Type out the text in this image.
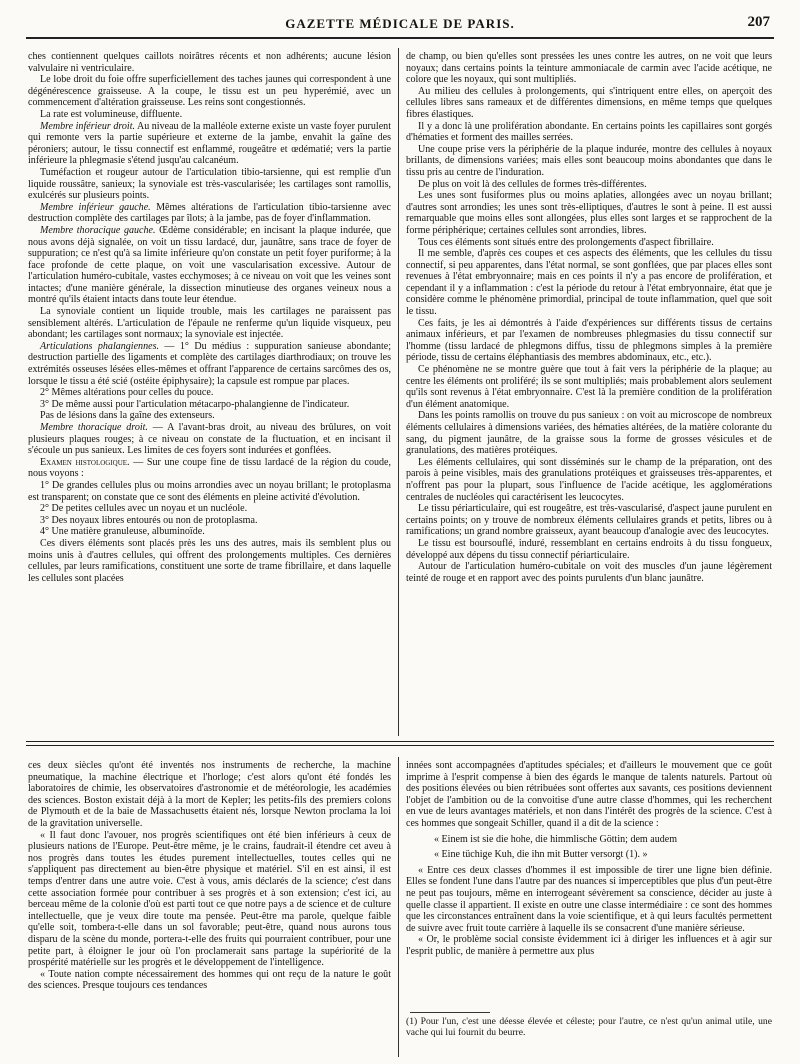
GAZETTE MÉDICALE DE PARIS.	207

ches contiennent quelques caillots noirâtres récents et non adhérents; aucune lésion valvulaire ni ventriculaire.

Le lobe droit du foie offre superficiellement des taches jaunes qui correspondent à une dégénérescence graisseuse. A la coupe, le tissu est un peu hyperémié, avec un commencement d'altération graisseuse. Les reins sont congestionnés.

La rate est volumineuse, diffluente.

Membre inférieur droit. Au niveau de la malléole externe existe un vaste foyer purulent qui remonte vers la partie supérieure et externe de la jambe, envahit la gaîne des péroniers; autour, le tissu connectif est enflammé, rougeâtre et œdématié; vers la partie inférieure la phlegmasie s'étend jusqu'au calcanéum.

Tuméfaction et rougeur autour de l'articulation tibio-tarsienne, qui est remplie d'un liquide roussâtre, sanieux; la synoviale est très-vascularisée; les cartilages sont ramollis, exulcérés sur plusieurs points.

Membre inférieur gauche. Mêmes altérations de l'articulation tibio-tarsienne avec destruction complète des cartilages par îlots; à la jambe, pas de foyer d'inflammation.

Membre thoracique gauche. Œdème considérable; en incisant la plaque indurée, que nous avons déjà signalée, on voit un tissu lardacé, dur, jaunâtre, sans trace de foyer de suppuration; ce n'est qu'à sa limite inférieure qu'on constate un petit foyer puriforme; à la face profonde de cette plaque, on voit une vascularisation excessive. Autour de l'articulation huméro-cubitale, vastes ecchymoses; à ce niveau on voit que les veines sont intactes; d'une manière générale, la dissection minutieuse des organes veineux nous a montré qu'ils étaient intacts dans toute leur étendue.

La synoviale contient un liquide trouble, mais les cartilages ne paraissent pas sensiblement altérés. L'articulation de l'épaule ne renferme qu'un liquide visqueux, peu abondant; les cartilages sont normaux; la synoviale est injectée.

Articulations phalangiennes. — 1° Du médius : suppuration sanieuse abondante; destruction partielle des ligaments et complète des cartilages diarthrodiaux; on trouve les extrémités osseuses lésées elles-mêmes et offrant l'apparence de certains sarcômes des os, lorsque le tissu a été scié (ostéite épiphysaire); la capsule est rompue par places.

2° Mêmes altérations pour celles du pouce.

3° De même aussi pour l'articulation métacarpo-phalangienne de l'indicateur.

Pas de lésions dans la gaîne des extenseurs.

Membre thoracique droit. — A l'avant-bras droit, au niveau des brûlures, on voit plusieurs plaques rouges; à ce niveau on constate de la fluctuation, et en incisant il s'écoule un pus sanieux. Les limites de ces foyers sont indurées et gonflées.

Examen histologique. — Sur une coupe fine de tissu lardacé de la région du coude, nous voyons :

1° De grandes cellules plus ou moins arrondies avec un noyau brillant; le protoplasma est transparent; on constate que ce sont des éléments en pleine activité d'évolution.

2° De petites cellules avec un noyau et un nucléole.

3° Des noyaux libres entourés ou non de protoplasma.

4° Une matière granuleuse, albuminoïde.

Ces divers éléments sont placés près les uns des autres, mais ils semblent plus ou moins unis à d'autres cellules, qui offrent des prolongements multiples. Ces dernières cellules, par leurs ramifications, constituent une sorte de trame fibrillaire, et dans laquelle les cellules sont placées

de champ, ou bien qu'elles sont pressées les unes contre les autres, on ne voit que leurs noyaux; dans certains points la teinture ammoniacale de carmin avec l'acide acétique, ne colore que les noyaux, qui sont multipliés.

Au milieu des cellules à prolongements, qui s'intriquent entre elles, on aperçoit des cellules libres sans rameaux et de différentes dimensions, en même temps que quelques fibres élastiques.

Il y a donc là une prolifération abondante. En certains points les capillaires sont gorgés d'hématies et forment des mailles serrées.

Une coupe prise vers la périphérie de la plaque indurée, montre des cellules à noyaux brillants, de dimensions variées; mais elles sont beaucoup moins abondantes que dans le tissu pris au centre de l'induration.

De plus on voit là des cellules de formes très-différentes.

Les unes sont fusiformes plus ou moins aplaties, allongées avec un noyau brillant; d'autres sont arrondies; les unes sont très-elliptiques, d'autres le sont à peine. Il est aussi remarquable que moins elles sont allongées, plus elles sont larges et se rapprochent de la forme périphérique; certaines cellules sont arrondies, libres.

Tous ces éléments sont situés entre des prolongements d'aspect fibrillaire.

Il me semble, d'après ces coupes et ces aspects des éléments, que les cellules du tissu connectif, si peu apparentes, dans l'état normal, se sont gonflées, que par places elles sont revenues à l'état embryonnaire; mais en ces points il n'y a pas encore de prolifération, et cependant il y a inflammation : c'est la période du retour à l'état embryonnaire, état que je considère comme le phénomène primordial, principal de toute inflammation, quel que soit le tissu.

Ces faits, je les ai démontrés à l'aide d'expériences sur différents tissus de certains animaux inférieurs, et par l'examen de nombreuses phlegmasies du tissu connectif sur l'homme (tissu lardacé de phlegmons diffus, tissu de phlegmons simples à la première période, tissu de certains éléphantiasis des membres abdominaux, etc., etc.).

Ce phénomène ne se montre guère que tout à fait vers la périphérie de la plaque; au centre les éléments ont proliféré; ils se sont multipliés; mais probablement alors seulement qu'ils sont revenus à l'état embryonnaire. C'est là la première condition de la prolifération d'un élément anatomique.

Dans les points ramollis on trouve du pus sanieux : on voit au microscope de nombreux éléments cellulaires à dimensions variées, des hématies altérées, de la matière colorante du sang, du pigment jaunâtre, de la graisse sous la forme de grosses vésicules et de granulations, des matières protéiques.

Les éléments cellulaires, qui sont disséminés sur le champ de la préparation, ont des parois à peine visibles, mais des granulations protéiques et graisseuses très-apparentes, et n'offrent pas pour la plupart, sous l'influence de l'acide acétique, les agglomérations centrales de nucléoles qui caractérisent les leucocytes.

Le tissu périarticulaire, qui est rougeâtre, est très-vascularisé, d'aspect jaune purulent en certains points; on y trouve de nombreux éléments cellulaires grands et petits, libres ou à ramifications; un grand nombre graisseux, ayant beaucoup d'analogie avec des leucocytes.

Le tissu est boursouflé, induré, ressemblant en certains endroits à du tissu fongueux, développé aux dépens du tissu connectif périarticulaire.

Autour de l'articulation huméro-cubitale on voit des muscles d'un jaune légèrement teinté de rouge et en rapport avec des points purulents d'un blanc jaunâtre.

ces deux siècles qu'ont été inventés nos instruments de recherche, la machine pneumatique, la machine électrique et l'horloge; c'est alors qu'ont été fondés les laboratoires de chimie, les observatoires d'astronomie et de météorologie, les académies des sciences. Boston existait déjà à la mort de Kepler; les petits-fils des premiers colons de Plymouth et de la baie de Massachusetts étaient nés, lorsque Newton proclama la loi de la gravitation universelle.

« Il faut donc l'avouer, nos progrès scientifiques ont été bien inférieurs à ceux de plusieurs nations de l'Europe. Peut-être même, je le crains, faudrait-il étendre cet aveu à nos progrès dans toutes les études purement intellectuelles, toutes celles qui ne s'appliquent pas directement au bien-être physique et matériel. S'il en est ainsi, il est temps d'entrer dans une autre voie. C'est à vous, amis déclarés de la science; c'est dans cette association formée pour contribuer à ses progrès et à son extension; c'est ici, au berceau même de la colonie d'où est parti tout ce que notre pays a de science et de culture intellectuelle, que je veux dire toute ma pensée. Peut-être ma parole, quelque faible qu'elle soit, tombera-t-elle dans un sol favorable; peut-être, quand nous aurons tous disparu de la scène du monde, portera-t-elle des fruits qui pourraient contribuer, pour une petite part, à éloigner le jour où l'on proclamerait sans partage la supériorité de la prospérité matérielle sur les progrès et le développement de l'intelligence.

« Toute nation compte nécessairement des hommes qui ont reçu de la nature le goût des sciences. Presque toujours ces tendances

innées sont accompagnées d'aptitudes spéciales; et d'ailleurs le mouvement que ce goût imprime à l'esprit compense à bien des égards le manque de talents naturels. Partout où des positions élevées ou bien rétribuées sont offertes aux savants, ces positions deviennent l'objet de l'ambition ou de la convoitise d'une autre classe d'hommes, qui les recherchent en vue de leurs avantages matériels, et non dans l'intérêt des progrès de la science. C'est à ces hommes que songeait Schiller, quand il a dit de la science :

« Einem ist sie die hohe, die himmlische Göttin; dem audem

« Eine tüchige Kuh, die ihn mit Butter versorgt (1). »

« Entre ces deux classes d'hommes il est impossible de tirer une ligne bien définie. Elles se fondent l'une dans l'autre par des nuances si imperceptibles que plus d'un peut-être ne peut pas toujours, même en interrogeant sévèrement sa conscience, décider au juste à quelle classe il appartient. Il existe en outre une classe intermédiaire : ce sont des hommes que les circonstances entraînent dans la voie scientifique, et à qui leurs facultés permettent de suivre avec fruit toute carrière à laquelle ils se consacrent d'une manière sérieuse.

« Or, le problème social consiste évidemment ici à diriger les influences et à agir sur l'esprit public, de manière à permettre aux plus

(1) Pour l'un, c'est une déesse élevée et céleste; pour l'autre, ce n'est qu'un animal utile, une vache qui lui fournit du beurre.
